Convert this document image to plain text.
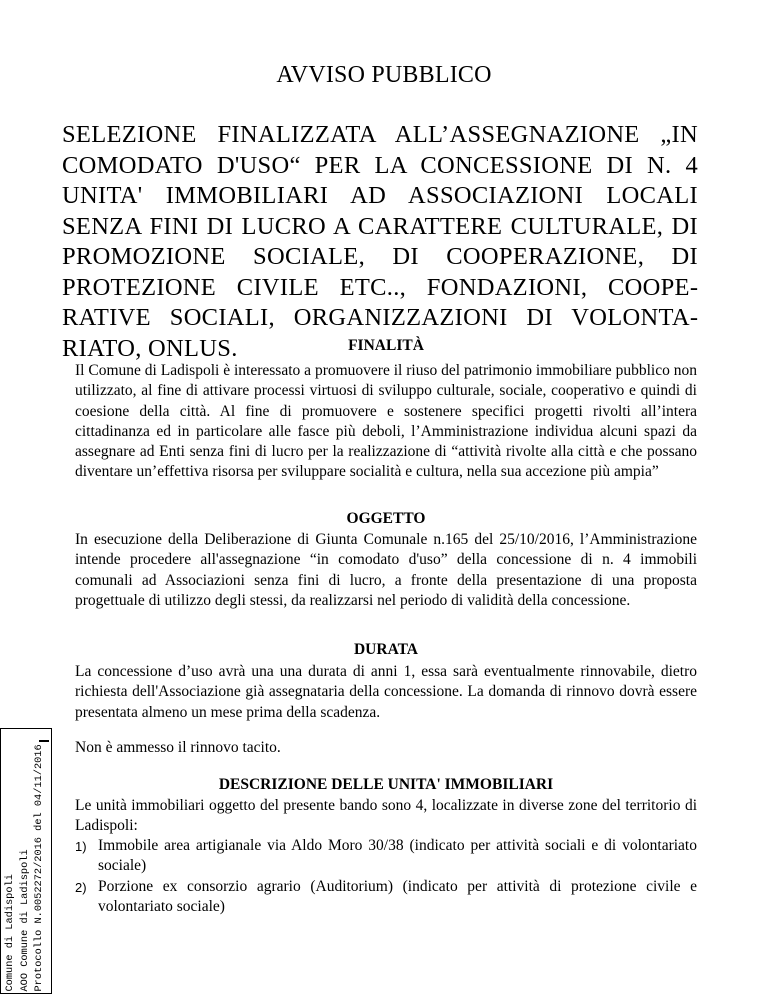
AVVISO PUBBLICO
SELEZIONE FINALIZZATA ALL’ASSEGNAZIONE „IN COMODATO D'USO“ PER LA CONCESSIONE DI N. 4 UNITA' IMMOBILIARI AD ASSOCIAZIONI LOCALI SENZA FINI DI LUCRO A CARATTERE CULTURALE, DI PROMOZIONE SOCIALE, DI COOPERAZIONE, DI PROTEZIONE CIVILE ETC.., FONDAZIONI, COOPERATIVE SOCIALI, ORGANIZZAZIONI DI VOLONTARIATO, ONLUS.	FINALITÀ
Il Comune di Ladispoli è interessato a promuovere il riuso del patrimonio immobiliare pubblico non utilizzato, al fine di attivare processi virtuosi di sviluppo culturale, sociale, cooperativo e quindi di coesione della città. Al fine di promuovere e sostenere specifici progetti rivolti all’intera cittadinanza ed in particolare alle fasce più deboli, l’Amministrazione individua alcuni spazi da assegnare ad Enti senza fini di lucro per la realizzazione di “attività rivolte alla città e che possano diventare un’effettiva risorsa per sviluppare socialità e cultura, nella sua accezione più ampia”
OGGETTO
In esecuzione della Deliberazione di Giunta Comunale n.165 del 25/10/2016, l’Amministrazione intende procedere all'assegnazione “in comodato d'uso” della concessione di n. 4 immobili comunali ad Associazioni senza fini di lucro, a fronte della presentazione di una proposta progettuale di utilizzo degli stessi, da realizzarsi nel periodo di validità della concessione.
DURATA
La concessione d’uso avrà una una durata di anni 1, essa sarà eventualmente rinnovabile, dietro richiesta dell'Associazione già assegnataria della concessione. La domanda di rinnovo dovrà essere presentata almeno un mese prima della scadenza.
Non è ammesso il rinnovo tacito.
DESCRIZIONE DELLE UNITA' IMMOBILIARI
Le unità immobiliari oggetto del presente bando sono 4, localizzate in diverse zone del territorio di Ladispoli:
1) Immobile area artigianale via Aldo Moro 30/38 (indicato per attività sociali e di volontariato sociale)
2) Porzione ex consorzio agrario (Auditorium) (indicato per attività di protezione civile e volontariato sociale)
Comune di Ladispoli AOO Comune di Ladispoli Protocollo N.0052272/2016 del 04/11/2016
